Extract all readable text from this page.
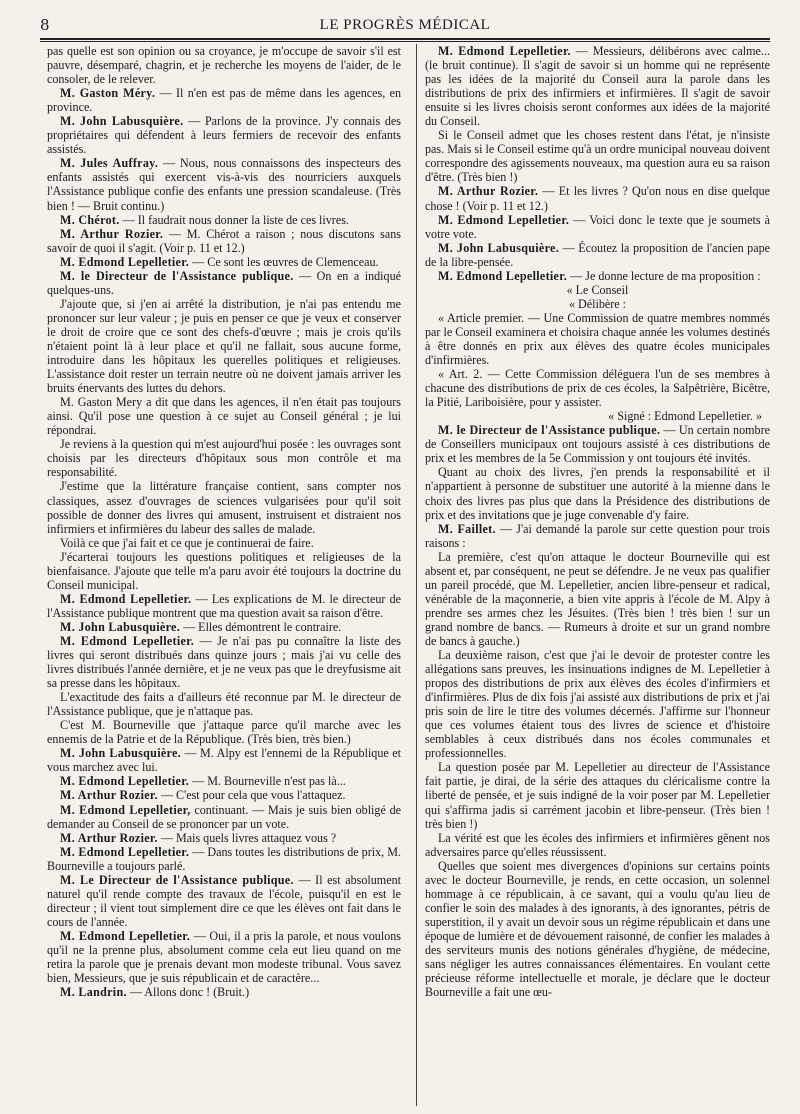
8	LE PROGRÈS MÉDICAL

pas quelle est son opinion ou sa croyance, je m'occupe de savoir s'il est pauvre, désemparé, chagrin, et je recherche les moyens de l'aider, de le consoler, de le relever.

M. Gaston Méry. — Il n'en est pas de même dans les agences, en province.

M. John Labusquière. — Parlons de la province. J'y connais des propriétaires qui défendent à leurs fermiers de recevoir des enfants assistés.

M. Jules Auffray. — Nous, nous connaissons des inspecteurs des enfants assistés qui exercent vis-à-vis des nourriciers auxquels l'Assistance publique confie des enfants une pression scandaleuse. (Très bien ! — Bruit continu.)

M. Chérot. — Il faudrait nous donner la liste de ces livres.

M. Arthur Rozier. — M. Chérot a raison ; nous discutons sans savoir de quoi il s'agit. (Voir p. 11 et 12.)

M. Edmond Lepelletier. — Ce sont les œuvres de Clemenceau.

M. le Directeur de l'Assistance publique. — On en a indiqué quelques-uns.

J'ajoute que, si j'en ai arrêté la distribution, je n'ai pas entendu me prononcer sur leur valeur ; je puis en penser ce que je veux et conserver le droit de croire que ce sont des chefs-d'œuvre ; mais je crois qu'ils n'étaient point là à leur place et qu'il ne fallait, sous aucune forme, introduire dans les hôpitaux les querelles politiques et religieuses. L'assistance doit rester un terrain neutre où ne doivent jamais arriver les bruits énervants des luttes du dehors.

M. Gaston Mery a dit que dans les agences, il n'en était pas toujours ainsi. Qu'il pose une question à ce sujet au Conseil général ; je lui répondrai.

Je reviens à la question qui m'est aujourd'hui posée : les ouvrages sont choisis par les directeurs d'hôpitaux sous mon contrôle et ma responsabilité.

J'estime que la littérature française contient, sans compter nos classiques, assez d'ouvrages de sciences vulgarisées pour qu'il soit possible de donner des livres qui amusent, instruisent et distraient nos infirmiers et infirmières du labeur des salles de malade.

Voilà ce que j'ai fait et ce que je continuerai de faire.

J'écarterai toujours les questions politiques et religieuses de la bienfaisance. J'ajoute que telle m'a paru avoir été toujours la doctrine du Conseil municipal.

M. Edmond Lepelletier. — Les explications de M. le directeur de l'Assistance publique montrent que ma question avait sa raison d'être.

M. John Labusquière. — Elles démontrent le contraire.

M. Edmond Lepelletier. — Je n'ai pas pu connaître la liste des livres qui seront distribués dans quinze jours ; mais j'ai vu celle des livres distribués l'année dernière, et je ne veux pas que le dreyfusisme ait sa presse dans les hôpitaux.

L'exactitude des faits a d'ailleurs été reconnue par M. le directeur de l'Assistance publique, que je n'attaque pas.

C'est M. Bourneville que j'attaque parce qu'il marche avec les ennemis de la Patrie et de la République. (Très bien, très bien.)

M. John Labusquière. — M. Alpy est l'ennemi de la République et vous marchez avec lui.

M. Edmond Lepelletier. — M. Bourneville n'est pas là...

M. Arthur Rozier. — C'est pour cela que vous l'attaquez.

M. Edmond Lepelletier, continuant. — Mais je suis bien obligé de demander au Conseil de se prononcer par un vote.

M. Arthur Rozier. — Mais quels livres attaquez vous ?

M. Edmond Lepelletier. — Dans toutes les distributions de prix, M. Bourneville a toujours parlé.

M. Le Directeur de l'Assistance publique. — Il est absolument naturel qu'il rende compte des travaux de l'école, puisqu'il en est le directeur ; il vient tout simplement dire ce que les élèves ont fait dans le cours de l'année.

M. Edmond Lepelletier. — Oui, il a pris la parole, et nous voulons qu'il ne la prenne plus, absolument comme cela eut lieu quand on me retira la parole que je prenais devant mon modeste tribunal. Vous savez bien, Messieurs, que je suis républicain et de caractère...

M. Landrin. — Allons donc ! (Bruit.)

M. Edmond Lepelletier. — Messieurs, délibérons avec calme... (le bruit continue). Il s'agit de savoir si un homme qui ne représente pas les idées de la majorité du Conseil aura la parole dans les distributions de prix des infirmiers et infirmières. Il s'agit de savoir ensuite si les livres choisis seront conformes aux idées de la majorité du Conseil.

Si le Conseil admet que les choses restent dans l'état, je n'insiste pas. Mais si le Conseil estime qu'à un ordre municipal nouveau doivent correspondre des agissements nouveaux, ma question aura eu sa raison d'être. (Très bien !)

M. Arthur Rozier. — Et les livres ? Qu'on nous en dise quelque chose ! (Voir p. 11 et 12.)

M. Edmond Lepelletier. — Voici donc le texte que je soumets à votre vote.

M. John Labusquière. — Écoutez la proposition de l'ancien pape de la libre-pensée.

M. Edmond Lepelletier. — Je donne lecture de ma proposition :

« Le Conseil

« Délibère :

« Article premier. — Une Commission de quatre membres nommés par le Conseil examinera et choisira chaque année les volumes destinés à être donnés en prix aux élèves des quatre écoles municipales d'infirmières.

« Art. 2. — Cette Commission déléguera l'un de ses membres à chacune des distributions de prix de ces écoles, la Salpêtrière, Bicêtre, la Pitié, Lariboisière, pour y assister.

« Signé : Edmond Lepelletier. »

M. le Directeur de l'Assistance publique. — Un certain nombre de Conseillers municipaux ont toujours assisté à ces distributions de prix et les membres de la 5e Commission y ont toujours été invités.

Quant au choix des livres, j'en prends la responsabilité et il n'appartient à personne de substituer une autorité à la mienne dans le choix des livres pas plus que dans la Présidence des distributions de prix et des invitations que je juge convenable d'y faire.

M. Faillet. — J'ai demandé la parole sur cette question pour trois raisons :

La première, c'est qu'on attaque le docteur Bourneville qui est absent et, par conséquent, ne peut se défendre. Je ne veux pas qualifier un pareil procédé, que M. Lepelletier, ancien libre-penseur et radical, vénérable de la maçonnerie, a bien vite appris à l'école de M. Alpy à prendre ses armes chez les Jésuites. (Très bien ! très bien ! sur un grand nombre de bancs. — Rumeurs à droite et sur un grand nombre de bancs à gauche.)

La deuxième raison, c'est que j'ai le devoir de protester contre les allégations sans preuves, les insinuations indignes de M. Lepelletier à propos des distributions de prix aux élèves des écoles d'infirmiers et d'infirmières. Plus de dix fois j'ai assisté aux distributions de prix et j'ai pris soin de lire le titre des volumes décernés. J'affirme sur l'honneur que ces volumes étaient tous des livres de science et d'histoire semblables à ceux distribués dans nos écoles communales et professionnelles.

La question posée par M. Lepelletier au directeur de l'Assistance fait partie, je dirai, de la série des attaques du cléricalisme contre la liberté de pensée, et je suis indigné de la voir poser par M. Lepelletier qui s'affirma jadis si carrément jacobin et libre-penseur. (Très bien ! très bien !)

La vérité est que les écoles des infirmiers et infirmières gênent nos adversaires parce qu'elles réussissent.

Quelles que soient mes divergences d'opinions sur certains points avec le docteur Bourneville, je rends, en cette occasion, un solennel hommage à ce républicain, à ce savant, qui a voulu qu'au lieu de confier le soin des malades à des ignorants, à des ignorantes, pétris de superstition, il y avait un devoir sous un régime républicain et dans une époque de lumière et de dévouement raisonné, de confier les malades à des serviteurs munis des notions générales d'hygiène, de médecine, sans négliger les autres connaissances élémentaires. En voulant cette précieuse réforme intellectuelle et morale, je déclare que le docteur Bourneville a fait une œu-
